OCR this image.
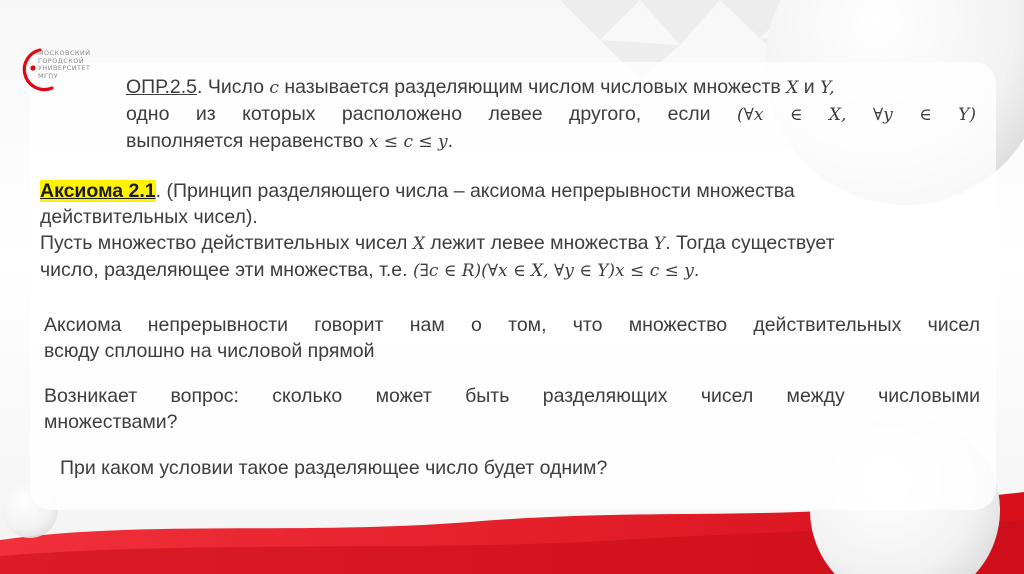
МОСКОВСКИЙ
ГОРОДСКОЙ
УНИВЕРСИТЕТ
МГПУ
ОПР.2.5. Число c называется разделяющим числом числовых множеств X и Y,
одно из которых расположено левее другого, если (∀x ∈ X, ∀y ∈ Y)
выполняется неравенство x ≤ c ≤ y.
Аксиома 2.1. (Принцип разделяющего числа – аксиома непрерывности множества
действительных чисел).
Пусть множество действительных чисел X лежит левее множества Y. Тогда существует
число, разделяющее эти множества, т.е. (∃c ∈ R)(∀x ∈ X, ∀y ∈ Y)x ≤ c ≤ y.
Аксиома непрерывности говорит нам о том, что множество действительных чисел
всюду сплошно на числовой прямой
Возникает вопрос: сколько может быть разделяющих чисел между числовыми
множествами?
При каком условии такое разделяющее число будет одним?
